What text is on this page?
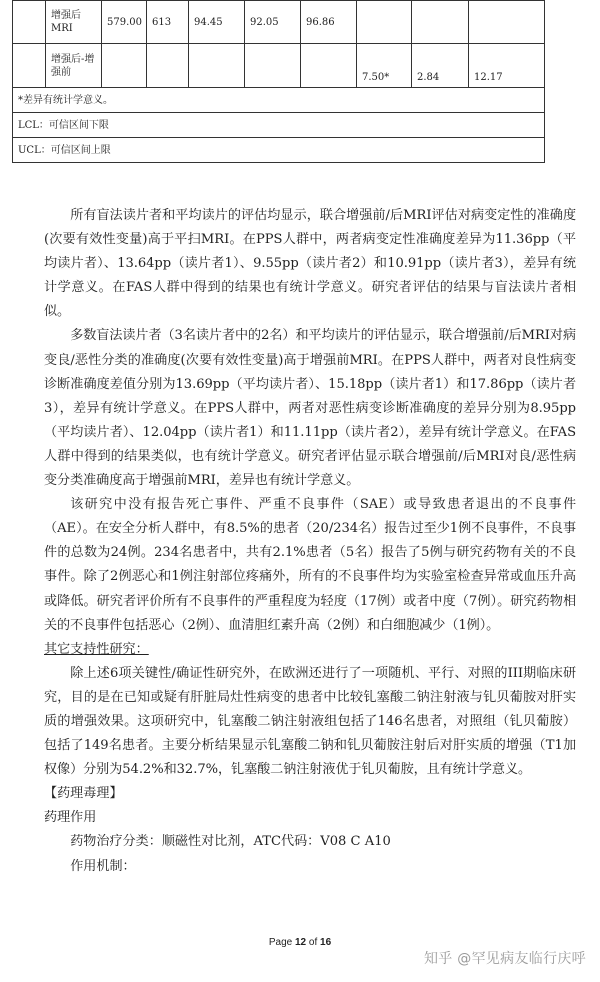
	增强后MRI	579.00	613	94.45	92.05	96.86			
	增强后-增强前						7.50*	2.84	12.17
*差异有统计学意义。									
LCL：可信区间下限									
UCL：可信区间上限									

所有盲法读片者和平均读片的评估均显示，联合增强前/后MRI评估对病变定性的准确度(次要有效性变量)高于平扫MRI。在PPS人群中，两者病变定性准确度差异为11.36pp（平均读片者）、13.64pp（读片者1）、9.55pp（读片者2）和10.91pp（读片者3），差异有统计学意义。在FAS人群中得到的结果也有统计学意义。研究者评估的结果与盲法读片者相似。

多数盲法读片者（3名读片者中的2名）和平均读片的评估显示，联合增强前/后MRI对病变良/恶性分类的准确度(次要有效性变量)高于增强前MRI。在PPS人群中，两者对良性病变诊断准确度差值分别为13.69pp（平均读片者）、15.18pp（读片者1）和17.86pp（读片者3），差异有统计学意义。在PPS人群中，两者对恶性病变诊断准确度的差异分别为8.95pp（平均读片者）、12.04pp（读片者1）和11.11pp（读片者2），差异有统计学意义。在FAS人群中得到的结果类似，也有统计学意义。研究者评估显示联合增强前/后MRI对良/恶性病变分类准确度高于增强前MRI，差异也有统计学意义。

该研究中没有报告死亡事件、严重不良事件（SAE）或导致患者退出的不良事件（AE）。在安全分析人群中，有8.5%的患者（20/234名）报告过至少1例不良事件，不良事件的总数为24例。234名患者中，共有2.1%患者（5名）报告了5例与研究药物有关的不良事件。除了2例恶心和1例注射部位疼痛外，所有的不良事件均为实验室检查异常或血压升高或降低。研究者评价所有不良事件的严重程度为轻度（17例）或者中度（7例）。研究药物相关的不良事件包括恶心（2例）、血清胆红素升高（2例）和白细胞减少（1例）。

其它支持性研究：

除上述6项关键性/确证性研究外，在欧洲还进行了一项随机、平行、对照的III期临床研究，目的是在已知或疑有肝脏局灶性病变的患者中比较钆塞酸二钠注射液与钆贝葡胺对肝实质的增强效果。这项研究中，钆塞酸二钠注射液组包括了146名患者，对照组（钆贝葡胺）包括了149名患者。主要分析结果显示钆塞酸二钠和钆贝葡胺注射后对肝实质的增强（T1加权像）分别为54.2%和32.7%，钆塞酸二钠注射液优于钆贝葡胺，且有统计学意义。

【药理毒理】

药理作用

药物治疗分类：顺磁性对比剂，ATC代码：V08 C A10

作用机制：

Page 12 of 16
知乎 @罕见病友临行庆呼
